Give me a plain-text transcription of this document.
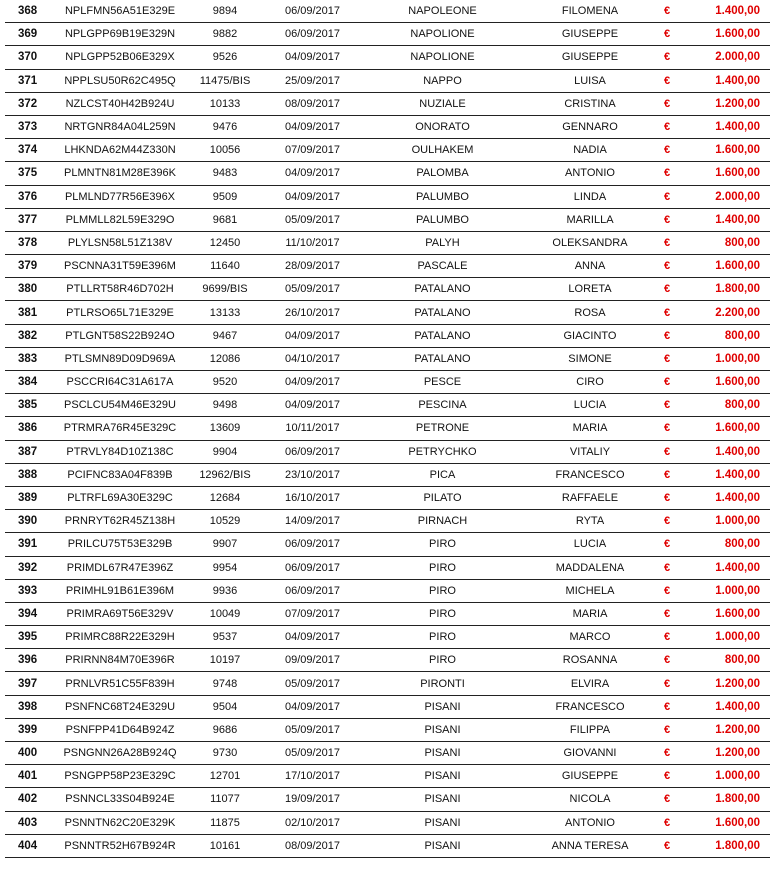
368	NPLFMN56A51E329E	9894	06/09/2017	NAPOLEONE	FILOMENA	€	1.400,00
369	NPLGPP69B19E329N	9882	06/09/2017	NAPOLIONE	GIUSEPPE	€	1.600,00
370	NPLGPP52B06E329X	9526	04/09/2017	NAPOLIONE	GIUSEPPE	€	2.000,00
371	NPPLSU50R62C495Q	11475/BIS	25/09/2017	NAPPO	LUISA	€	1.400,00
372	NZLCST40H42B924U	10133	08/09/2017	NUZIALE	CRISTINA	€	1.200,00
373	NRTGNR84A04L259N	9476	04/09/2017	ONORATO	GENNARO	€	1.400,00
374	LHKNDA62M44Z330N	10056	07/09/2017	OULHAKEM	NADIA	€	1.600,00
375	PLMNTN81M28E396K	9483	04/09/2017	PALOMBA	ANTONIO	€	1.600,00
376	PLMLND77R56E396X	9509	04/09/2017	PALUMBO	LINDA	€	2.000,00
377	PLMMLL82L59E329O	9681	05/09/2017	PALUMBO	MARILLA	€	1.400,00
378	PLYLSN58L51Z138V	12450	11/10/2017	PALYH	OLEKSANDRA	€	800,00
379	PSCNNA31T59E396M	11640	28/09/2017	PASCALE	ANNA	€	1.600,00
380	PTLLRT58R46D702H	9699/BIS	05/09/2017	PATALANO	LORETA	€	1.800,00
381	PTLRSO65L71E329E	13133	26/10/2017	PATALANO	ROSA	€	2.200,00
382	PTLGNT58S22B924O	9467	04/09/2017	PATALANO	GIACINTO	€	800,00
383	PTLSMN89D09D969A	12086	04/10/2017	PATALANO	SIMONE	€	1.000,00
384	PSCCRI64C31A617A	9520	04/09/2017	PESCE	CIRO	€	1.600,00
385	PSCLCU54M46E329U	9498	04/09/2017	PESCINA	LUCIA	€	800,00
386	PTRMRA76R45E329C	13609	10/11/2017	PETRONE	MARIA	€	1.600,00
387	PTRVLY84D10Z138C	9904	06/09/2017	PETRYCHKO	VITALIY	€	1.400,00
388	PCIFNC83A04F839B	12962/BIS	23/10/2017	PICA	FRANCESCO	€	1.400,00
389	PLTRFL69A30E329C	12684	16/10/2017	PILATO	RAFFAELE	€	1.400,00
390	PRNRYT62R45Z138H	10529	14/09/2017	PIRNACH	RYTA	€	1.000,00
391	PRILCU75T53E329B	9907	06/09/2017	PIRO	LUCIA	€	800,00
392	PRIMDL67R47E396Z	9954	06/09/2017	PIRO	MADDALENA	€	1.400,00
393	PRIMHL91B61E396M	9936	06/09/2017	PIRO	MICHELA	€	1.000,00
394	PRIMRA69T56E329V	10049	07/09/2017	PIRO	MARIA	€	1.600,00
395	PRIMRC88R22E329H	9537	04/09/2017	PIRO	MARCO	€	1.000,00
396	PRIRNN84M70E396R	10197	09/09/2017	PIRO	ROSANNA	€	800,00
397	PRNLVR51C55F839H	9748	05/09/2017	PIRONTI	ELVIRA	€	1.200,00
398	PSNFNC68T24E329U	9504	04/09/2017	PISANI	FRANCESCO	€	1.400,00
399	PSNFPP41D64B924Z	9686	05/09/2017	PISANI	FILIPPA	€	1.200,00
400	PSNGNN26A28B924Q	9730	05/09/2017	PISANI	GIOVANNI	€	1.200,00
401	PSNGPP58P23E329C	12701	17/10/2017	PISANI	GIUSEPPE	€	1.000,00
402	PSNNCL33S04B924E	11077	19/09/2017	PISANI	NICOLA	€	1.800,00
403	PSNNTN62C20E329K	11875	02/10/2017	PISANI	ANTONIO	€	1.600,00
404	PSNNTR52H67B924R	10161	08/09/2017	PISANI	ANNA TERESA	€	1.800,00
